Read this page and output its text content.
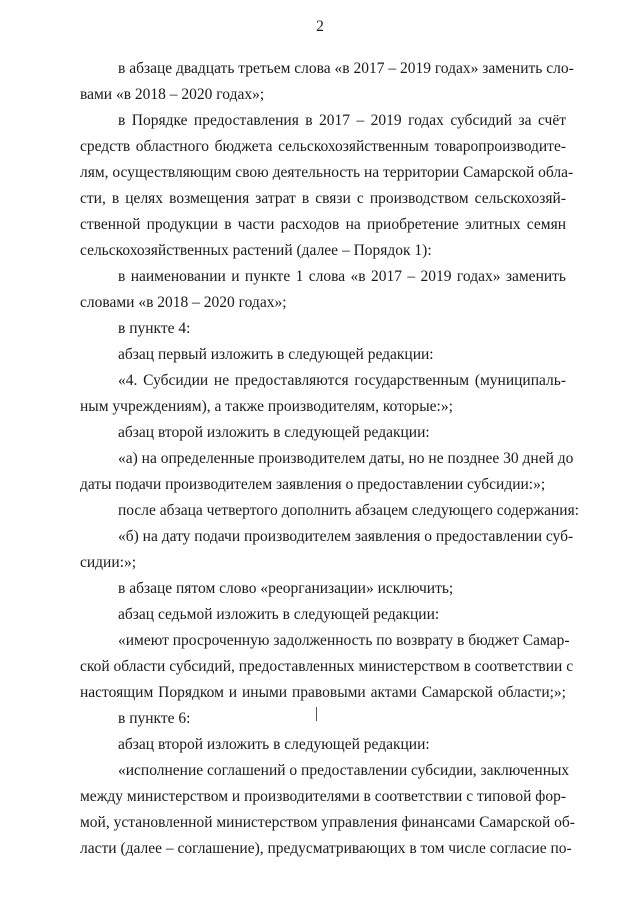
2
в абзаце двадцать третьем слова «в 2017 – 2019 годах» заменить сло-
вами «в 2018 – 2020 годах»;
в Порядке предоставления в 2017 – 2019 годах субсидий за счёт
средств областного бюджета сельскохозяйственным товаропроизводите-
лям, осуществляющим свою деятельность на территории Самарской обла-
сти, в целях возмещения затрат в связи с производством сельскохозяй-
ственной продукции в части расходов на приобретение элитных семян
сельскохозяйственных растений (далее – Порядок 1):
в наименовании и пункте 1 слова «в 2017 – 2019 годах» заменить
словами «в 2018 – 2020 годах»;
в пункте 4:
абзац первый изложить в следующей редакции:
«4. Субсидии не предоставляются государственным (муниципаль-
ным учреждениям), а также производителям, которые:»;
абзац второй изложить в следующей редакции:
«а) на определенные производителем даты, но не позднее 30 дней до
даты подачи производителем заявления о предоставлении субсидии:»;
после абзаца четвертого дополнить абзацем следующего содержания:
«б) на дату подачи производителем заявления о предоставлении суб-
сидии:»;
в абзаце пятом слово «реорганизации» исключить;
абзац седьмой изложить в следующей редакции:
«имеют просроченную задолженность по возврату в бюджет Самар-
ской области субсидий, предоставленных министерством в соответствии с
настоящим Порядком и иными правовыми актами Самарской области;»;
в пункте 6:
абзац второй изложить в следующей редакции:
«исполнение соглашений о предоставлении субсидии, заключенных
между министерством и производителями в соответствии с типовой фор-
мой, установленной министерством управления финансами Самарской об-
ласти (далее – соглашение), предусматривающих в том числе согласие по-
